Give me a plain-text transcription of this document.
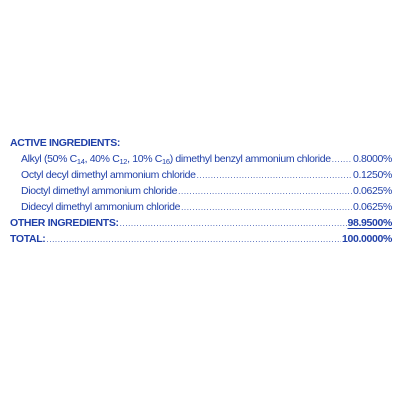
ACTIVE INGREDIENTS:
Alkyl (50% C14, 40% C12, 10% C16) dimethyl benzyl ammonium chloride ..... 0.8000%
Octyl decyl dimethyl ammonium chloride .....	0.1250%
Dioctyl dimethyl ammonium chloride .....	0.0625%
Didecyl dimethyl ammonium chloride .....	0.0625%
OTHER INGREDIENTS: .....	98.9500%
TOTAL: .....	100.0000%
